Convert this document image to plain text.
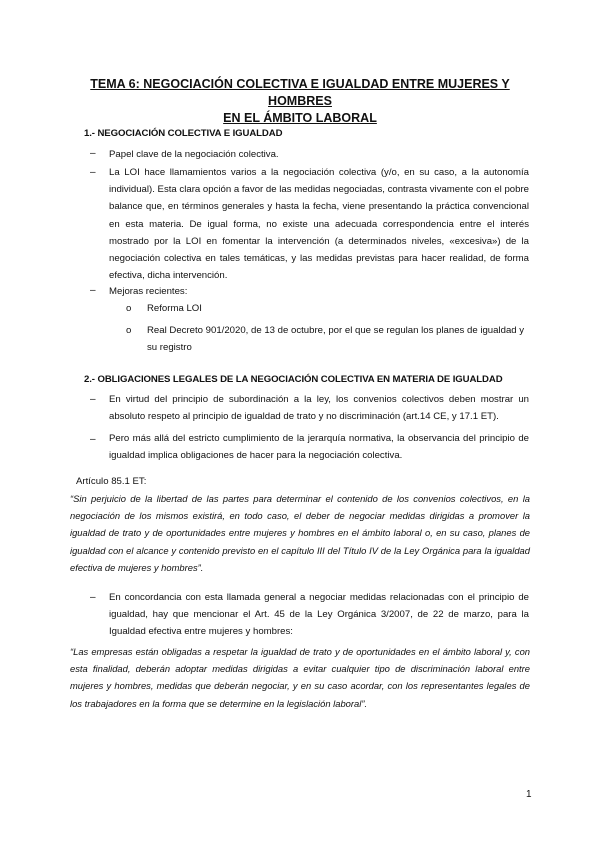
TEMA 6: NEGOCIACIÓN COLECTIVA E IGUALDAD ENTRE MUJERES Y HOMBRES
EN EL ÁMBITO LABORAL
1.- NEGOCIACIÓN COLECTIVA E IGUALDAD
– Papel clave de la negociación colectiva.
– La LOI hace llamamientos varios a la negociación colectiva (y/o, en su caso, a la autonomía individual). Esta clara opción a favor de las medidas negociadas, contrasta vivamente con el pobre balance que, en términos generales y hasta la fecha, viene presentando la práctica convencional en esta materia. De igual forma, no existe una adecuada correspondencia entre el interés mostrado por la LOI en fomentar la intervención (a determinados niveles, «excesiva») de la negociación colectiva en tales temáticas, y las medidas previstas para hacer realidad, de forma efectiva, dicha intervención.
– Mejoras recientes:
o Reforma LOI
o Real Decreto 901/2020, de 13 de octubre, por el que se regulan los planes de igualdad y su registro
2.- OBLIGACIONES LEGALES DE LA NEGOCIACIÓN COLECTIVA EN MATERIA DE IGUALDAD
– En virtud del principio de subordinación a la ley, los convenios colectivos deben mostrar un absoluto respeto al principio de igualdad de trato y no discriminación (art.14 CE, y 17.1 ET).
– Pero más allá del estricto cumplimiento de la jerarquía normativa, la observancia del principio de igualdad implica obligaciones de hacer para la negociación colectiva.
Artículo 85.1 ET:
“Sin perjuicio de la libertad de las partes para determinar el contenido de los convenios colectivos, en la negociación de los mismos existirá, en todo caso, el deber de negociar medidas dirigidas a promover la igualdad de trato y de oportunidades entre mujeres y hombres en el ámbito laboral o, en su caso, planes de igualdad con el alcance y contenido previsto en el capítulo III del Título IV de la Ley Orgánica para la igualdad efectiva de mujeres y hombres”.
– En concordancia con esta llamada general a negociar medidas relacionadas con el principio de igualdad, hay que mencionar el Art. 45 de la Ley Orgánica 3/2007, de 22 de marzo, para la Igualdad efectiva entre mujeres y hombres:
“Las empresas están obligadas a respetar la igualdad de trato y de oportunidades en el ámbito laboral y, con esta finalidad, deberán adoptar medidas dirigidas a evitar cualquier tipo de discriminación laboral entre mujeres y hombres, medidas que deberán negociar, y en su caso acordar, con los representantes legales de los trabajadores en la forma que se determine en la legislación laboral”.
1
